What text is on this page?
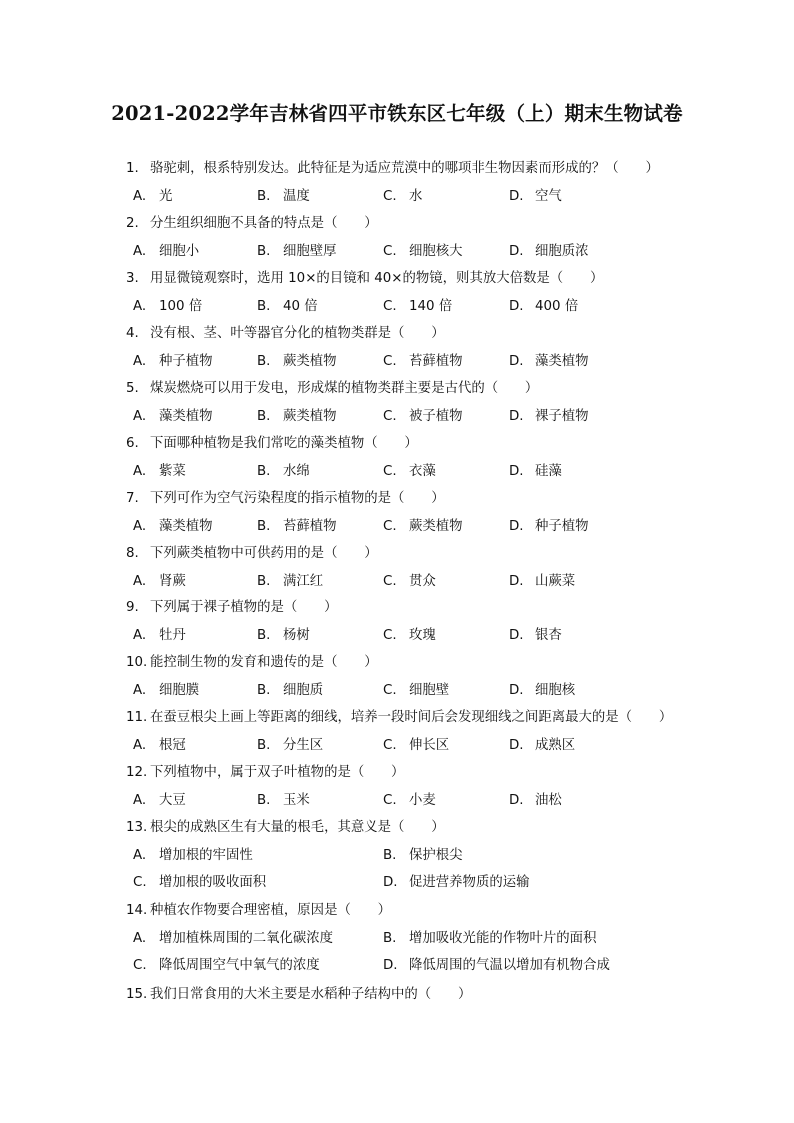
2021-2022学年吉林省四平市铁东区七年级（上）期末生物试卷
1. 骆驼刺，根系特别发达。此特征是为适应荒漠中的哪项非生物因素而形成的？（　　）
A. 光	B. 温度	C. 水	D. 空气
2. 分生组织细胞不具备的特点是（　　）
A. 细胞小	B. 细胞壁厚	C. 细胞核大	D. 细胞质浓
3. 用显微镜观察时，选用 10×的目镜和 40×的物镜，则其放大倍数是（　　）
A. 100 倍	B. 40 倍	C. 140 倍	D. 400 倍
4. 没有根、茎、叶等器官分化的植物类群是（　　）
A. 种子植物	B. 蕨类植物	C. 苔藓植物	D. 藻类植物
5. 煤炭燃烧可以用于发电，形成煤的植物类群主要是古代的（　　）
A. 藻类植物	B. 蕨类植物	C. 被子植物	D. 裸子植物
6. 下面哪种植物是我们常吃的藻类植物（　　）
A. 紫菜	B. 水绵	C. 衣藻	D. 硅藻
7. 下列可作为空气污染程度的指示植物的是（　　）
A. 藻类植物	B. 苔藓植物	C. 蕨类植物	D. 种子植物
8. 下列蕨类植物中可供药用的是（　　）
A. 肾蕨	B. 满江红	C. 贯众	D. 山蕨菜
9. 下列属于裸子植物的是（　　）
A. 牡丹	B. 杨树	C. 玫瑰	D. 银杏
10. 能控制生物的发育和遗传的是（　　）
A. 细胞膜	B. 细胞质	C. 细胞壁	D. 细胞核
11. 在蚕豆根尖上画上等距离的细线，培养一段时间后会发现细线之间距离最大的是（　　）
A. 根冠	B. 分生区	C. 伸长区	D. 成熟区
12. 下列植物中，属于双子叶植物的是（　　）
A. 大豆	B. 玉米	C. 小麦	D. 油松
13. 根尖的成熟区生有大量的根毛，其意义是（　　）
A. 增加根的牢固性	B. 保护根尖
C. 增加根的吸收面积	D. 促进营养物质的运输
14. 种植农作物要合理密植，原因是（　　）
A. 增加植株周围的二氧化碳浓度	B. 增加吸收光能的作物叶片的面积
C. 降低周围空气中氧气的浓度	D. 降低周围的气温以增加有机物合成
15. 我们日常食用的大米主要是水稻种子结构中的（　　）
